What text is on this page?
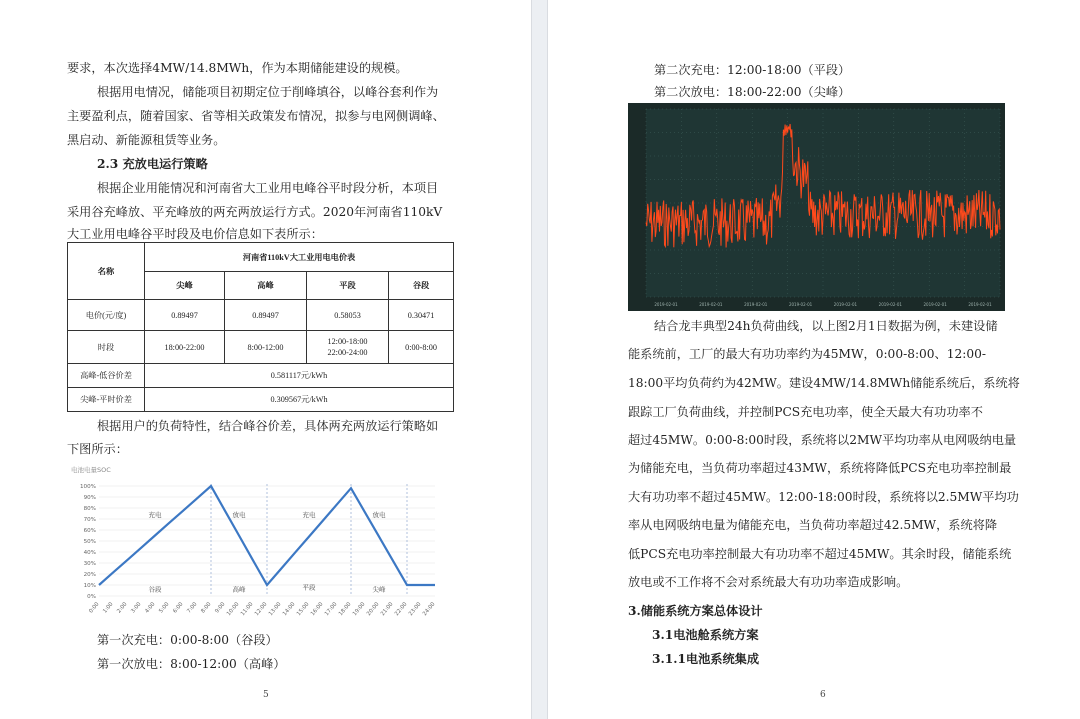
要求，本次选择4MW/14.8MWh，作为本期储能建设的规模。
根据用电情况，储能项目初期定位于削峰填谷，以峰谷套利作为
主要盈利点，随着国家、省等相关政策发布情况，拟参与电网侧调峰、
黑启动、新能源租赁等业务。
2.3 充放电运行策略
根据企业用能情况和河南省大工业用电峰谷平时段分析，本项目
采用谷充峰放、平充峰放的两充两放运行方式。2020年河南省110kV
大工业用电峰谷平时段及电价信息如下表所示：
名称	河南省110kV大工业用电电价表			
	尖峰	高峰	平段	谷段
电价(元/度)	0.89497	0.89497	0.58053	0.30471
时段	18:00-22:00	8:00-12:00	12:00-18:00
22:00-24:00	0:00-8:00
高峰-低谷价差	0.581117元/kWh			
尖峰-平时价差	0.309567元/kWh			
根据用户的负荷特性，结合峰谷价差，具体两充两放运行策略如
下图所示：
电池电量SOC
0%
10%
20%
30%
40%
50%
60%
70%
80%
90%
100%
0:00 1:00 2:00 3:00 4:00 5:00 6:00 7:00 8:00 9:00 10:00 11:00 12:00 13:00 14:00 15:00 16:00 17:00 18:00 19:00 20:00 21:00 22:00 23:00 24:00
充电	放电	充电	放电
谷段	高峰	平段	尖峰
第一次充电：0:00-8:00（谷段）
第一次放电：8:00-12:00（高峰）
5
第二次充电：12:00-18:00（平段）
第二次放电：18:00-22:00（尖峰）
结合龙丰典型24h负荷曲线，以上图2月1日数据为例，未建设储
能系统前，工厂的最大有功功率约为45MW，0:00-8:00、12:00-
18:00平均负荷约为42MW。建设4MW/14.8MWh储能系统后，系统将
跟踪工厂负荷曲线，并控制PCS充电功率，使全天最大有功功率不
超过45MW。0:00-8:00时段，系统将以2MW平均功率从电网吸纳电量
为储能充电，当负荷功率超过43MW，系统将降低PCS充电功率控制最
大有功功率不超过45MW。12:00-18:00时段，系统将以2.5MW平均功
率从电网吸纳电量为储能充电，当负荷功率超过42.5MW，系统将降
低PCS充电功率控制最大有功功率不超过45MW。其余时段，储能系统
放电或不工作将不会对系统最大有功功率造成影响。
3.储能系统方案总体设计
3.1电池舱系统方案
3.1.1电池系统集成
6
2019-02-01	2019-02-01	2019-02-01	2019-02-01	2019-02-01	2019-02-01	2019-02-01	2019-02-01
